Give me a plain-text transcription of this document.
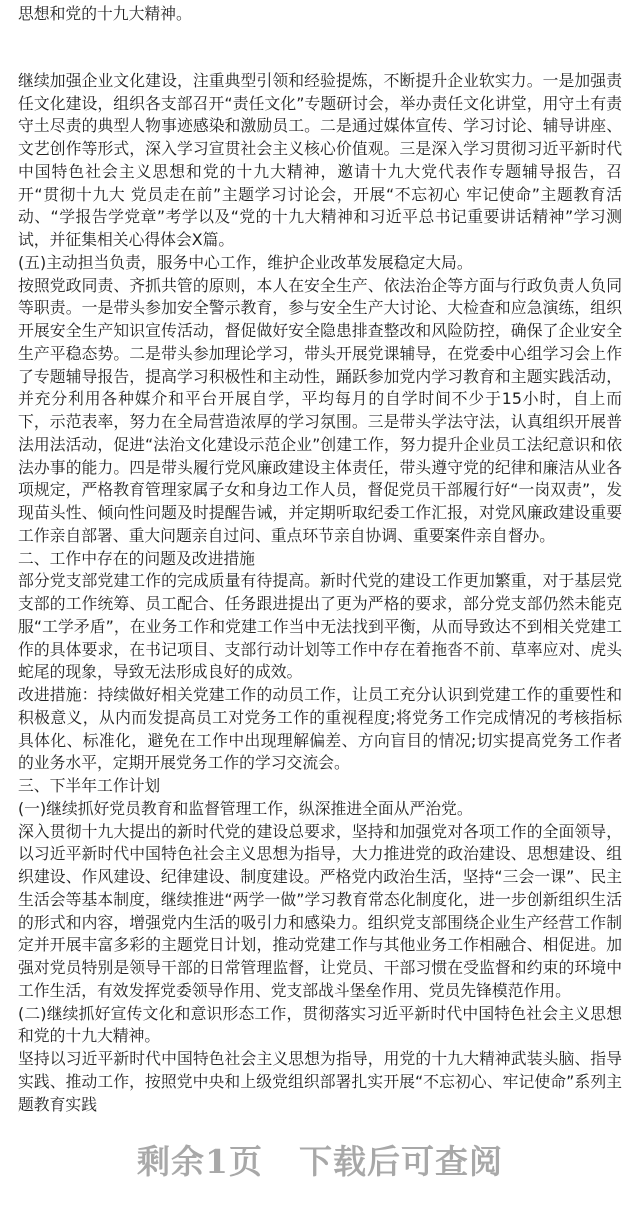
思想和党的十九大精神。

继续加强企业文化建设，注重典型引领和经验提炼，不断提升企业软实力。一是加强责任文化建设，组织各支部召开“责任文化”专题研讨会，举办责任文化讲堂，用守土有责守土尽责的典型人物事迹感染和激励员工。二是通过媒体宣传、学习讨论、辅导讲座、文艺创作等形式，深入学习宣贯社会主义核心价值观。三是深入学习贯彻习近平新时代中国特色社会主义思想和党的十九大精神，邀请十九大党代表作专题辅导报告，召开“贯彻十九大 党员走在前”主题学习讨论会，开展“不忘初心 牢记使命”主题教育活动、“学报告学党章”考学以及“党的十九大精神和习近平总书记重要讲话精神”学习测试，并征集相关心得体会X篇。

(五)主动担当负责，服务中心工作，维护企业改革发展稳定大局。

按照党政同责、齐抓共管的原则，本人在安全生产、依法治企等方面与行政负责人负同等职责。一是带头参加安全警示教育，参与安全生产大讨论、大检查和应急演练，组织开展安全生产知识宣传活动，督促做好安全隐患排查整改和风险防控，确保了企业安全生产平稳态势。二是带头参加理论学习，带头开展党课辅导，在党委中心组学习会上作了专题辅导报告，提高学习积极性和主动性，踊跃参加党内学习教育和主题实践活动，并充分利用各种媒介和平台开展自学，平均每月的自学时间不少于15小时，自上而下，示范表率，努力在全局营造浓厚的学习氛围。三是带头学法守法，认真组织开展普法用法活动，促进“法治文化建设示范企业”创建工作，努力提升企业员工法纪意识和依法办事的能力。四是带头履行党风廉政建设主体责任，带头遵守党的纪律和廉洁从业各项规定，严格教育管理家属子女和身边工作人员，督促党员干部履行好“一岗双责”，发现苗头性、倾向性问题及时提醒告诫，并定期听取纪委工作汇报，对党风廉政建设重要工作亲自部署、重大问题亲自过问、重点环节亲自协调、重要案件亲自督办。

二、工作中存在的问题及改进措施

部分党支部党建工作的完成质量有待提高。新时代党的建设工作更加繁重，对于基层党支部的工作统筹、员工配合、任务跟进提出了更为严格的要求，部分党支部仍然未能克服“工学矛盾”，在业务工作和党建工作当中无法找到平衡，从而导致达不到相关党建工作的具体要求，在书记项目、支部行动计划等工作中存在着拖沓不前、草率应对、虎头蛇尾的现象，导致无法形成良好的成效。

改进措施：持续做好相关党建工作的动员工作，让员工充分认识到党建工作的重要性和积极意义，从内而发提高员工对党务工作的重视程度;将党务工作完成情况的考核指标具体化、标准化，避免在工作中出现理解偏差、方向盲目的情况;切实提高党务工作者的业务水平，定期开展党务工作的学习交流会。

三、下半年工作计划

(一)继续抓好党员教育和监督管理工作，纵深推进全面从严治党。

深入贯彻十九大提出的新时代党的建设总要求，坚持和加强党对各项工作的全面领导，以习近平新时代中国特色社会主义思想为指导，大力推进党的政治建设、思想建设、组织建设、作风建设、纪律建设、制度建设。严格党内政治生活，坚持“三会一课”、民主生活会等基本制度，继续推进“两学一做”学习教育常态化制度化，进一步创新组织生活的形式和内容，增强党内生活的吸引力和感染力。组织党支部围绕企业生产经营工作制定并开展丰富多彩的主题党日计划，推动党建工作与其他业务工作相融合、相促进。加强对党员特别是领导干部的日常管理监督，让党员、干部习惯在受监督和约束的环境中工作生活，有效发挥党委领导作用、党支部战斗堡垒作用、党员先锋模范作用。

(二)继续抓好宣传文化和意识形态工作，贯彻落实习近平新时代中国特色社会主义思想和党的十九大精神。

坚持以习近平新时代中国特色社会主义思想为指导，用党的十九大精神武装头脑、指导实践、推动工作，按照党中央和上级党组织部署扎实开展“不忘初心、牢记使命”系列主题教育实践

剩余1页 下载后可查阅
